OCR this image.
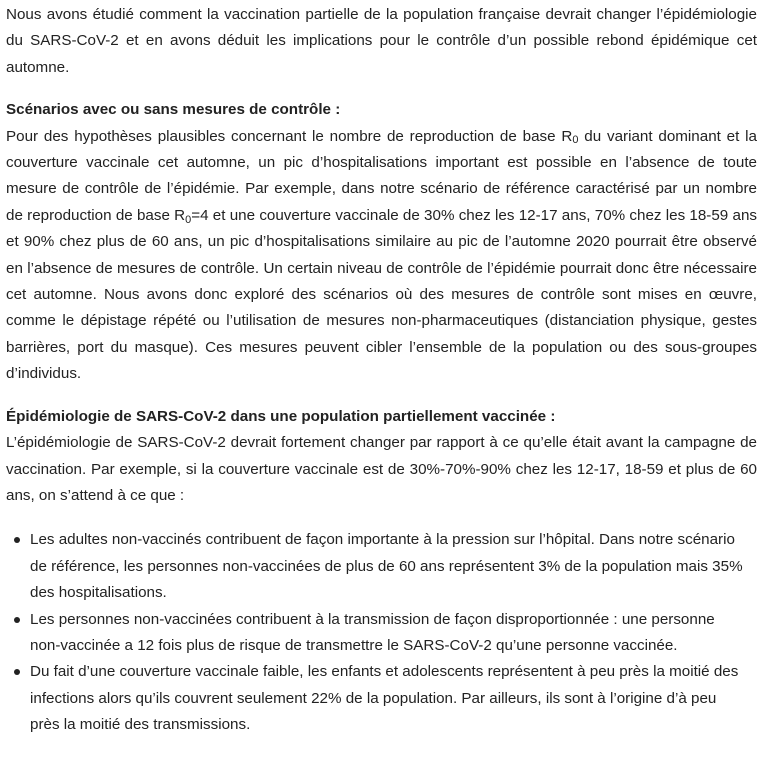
Nous avons étudié comment la vaccination partielle de la population française devrait changer l’épidémiologie du SARS-CoV-2 et en avons déduit les implications pour le contrôle d’un possible rebond épidémique cet automne.

Scénarios avec ou sans mesures de contrôle :

Pour des hypothèses plausibles concernant le nombre de reproduction de base R0 du variant dominant et la couverture vaccinale cet automne, un pic d’hospitalisations important est possible en l’absence de toute mesure de contrôle de l’épidémie. Par exemple, dans notre scénario de référence caractérisé par un nombre de reproduction de base R0=4 et une couverture vaccinale de 30% chez les 12-17 ans, 70% chez les 18-59 ans et 90% chez plus de 60 ans, un pic d’hospitalisations similaire au pic de l’automne 2020 pourrait être observé en l’absence de mesures de contrôle. Un certain niveau de contrôle de l’épidémie pourrait donc être nécessaire cet automne. Nous avons donc exploré des scénarios où des mesures de contrôle sont mises en œuvre, comme le dépistage répété ou l’utilisation de mesures non-pharmaceutiques (distanciation physique, gestes barrières, port du masque). Ces mesures peuvent cibler l’ensemble de la population ou des sous-groupes d’individus.

Épidémiologie de SARS-CoV-2 dans une population partiellement vaccinée :

L’épidémiologie de SARS-CoV-2 devrait fortement changer par rapport à ce qu’elle était avant la campagne de vaccination. Par exemple, si la couverture vaccinale est de 30%-70%-90% chez les 12-17, 18-59 et plus de 60 ans, on s’attend à ce que :

Les adultes non-vaccinés contribuent de façon importante à la pression sur l’hôpital. Dans notre scénario de référence, les personnes non-vaccinées de plus de 60 ans représentent 3% de la population mais 35% des hospitalisations.
Les personnes non-vaccinées contribuent à la transmission de façon disproportionnée : une personne non-vaccinée a 12 fois plus de risque de transmettre le SARS-CoV-2 qu’une personne vaccinée.
Du fait d’une couverture vaccinale faible, les enfants et adolescents représentent à peu près la moitié des infections alors qu’ils couvrent seulement 22% de la population. Par ailleurs, ils sont à l’origine d’à peu près la moitié des transmissions.
